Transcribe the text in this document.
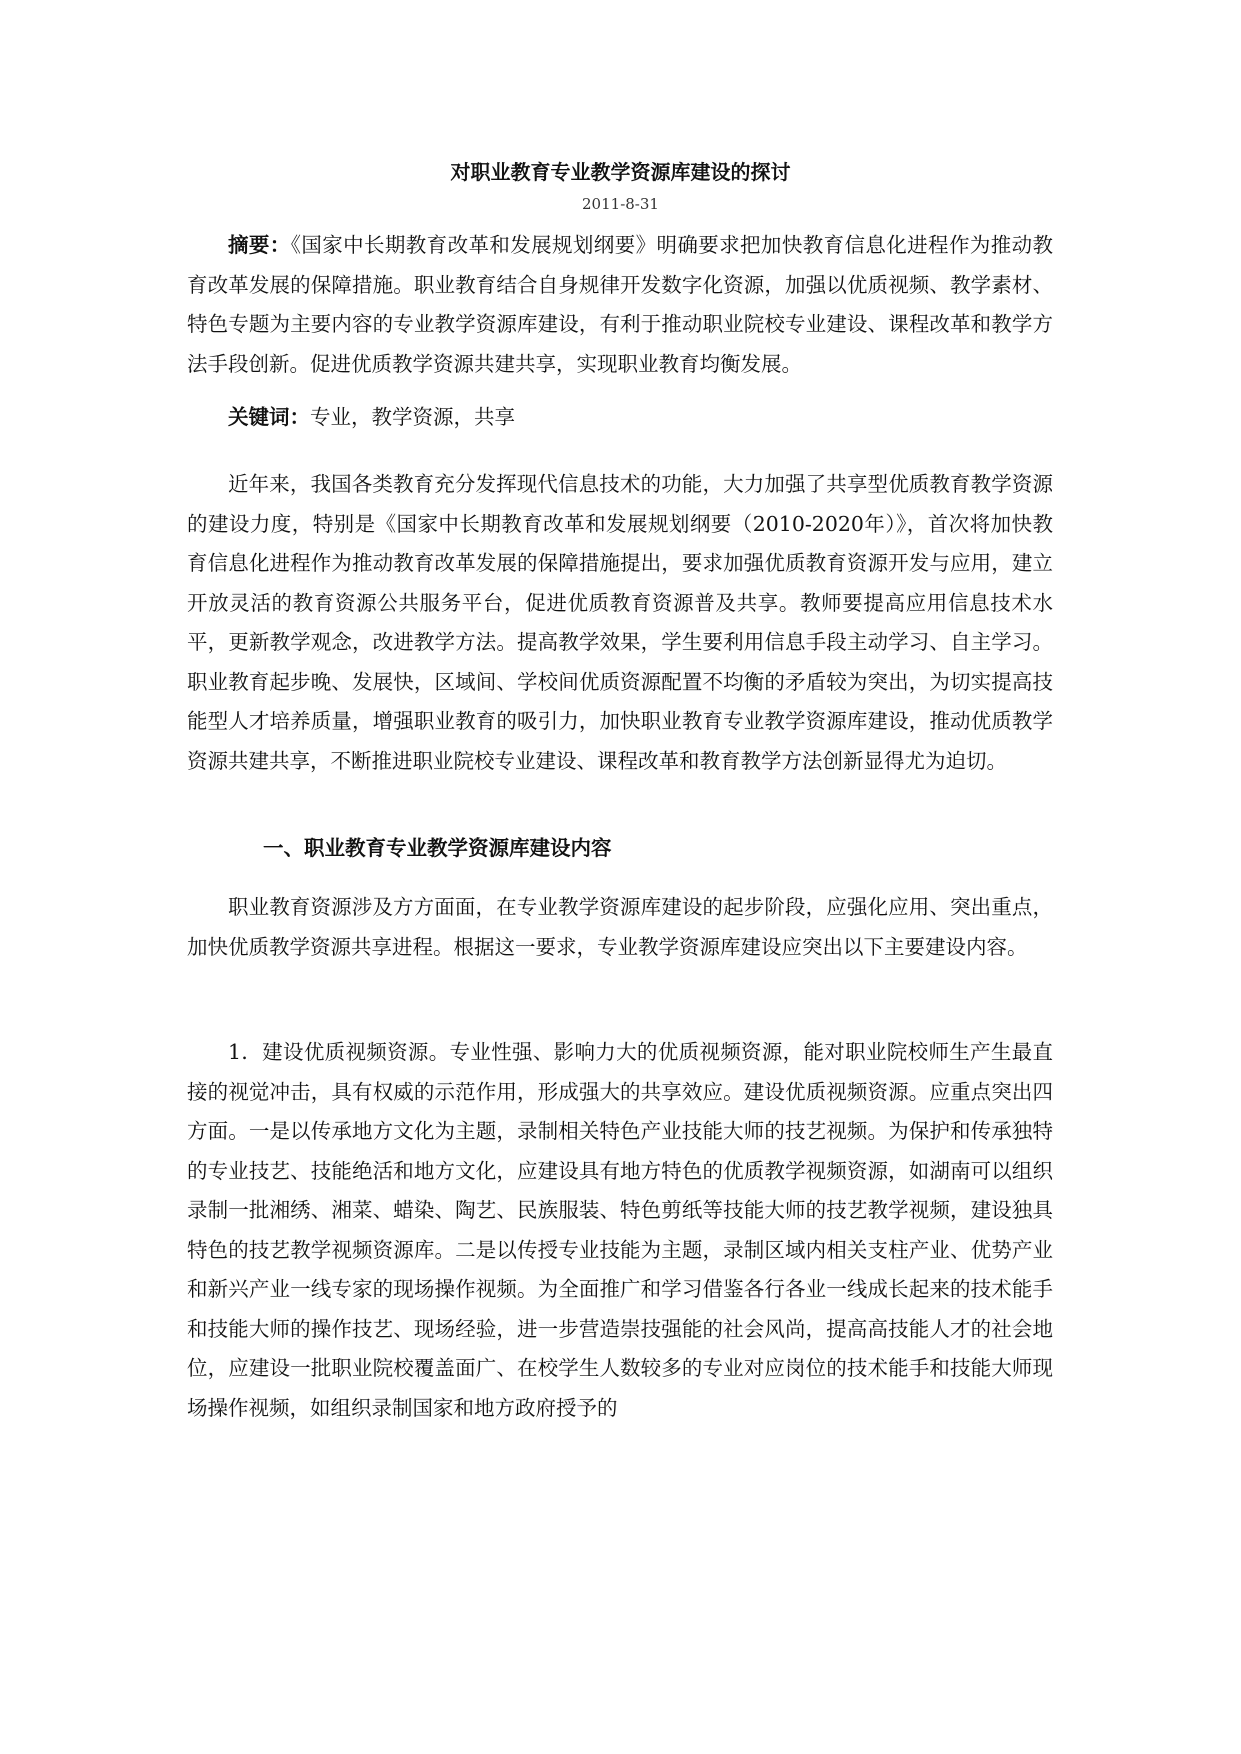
对职业教育专业教学资源库建设的探讨
2011-8-31

摘要：《国家中长期教育改革和发展规划纲要》明确要求把加快教育信息化进程作为推动教育改革发展的保障措施。职业教育结合自身规律开发数字化资源，加强以优质视频、教学素材、特色专题为主要内容的专业教学资源库建设，有利于推动职业院校专业建设、课程改革和教学方法手段创新。促进优质教学资源共建共享，实现职业教育均衡发展。

关键词：专业，教学资源，共享

近年来，我国各类教育充分发挥现代信息技术的功能，大力加强了共享型优质教育教学资源的建设力度，特别是《国家中长期教育改革和发展规划纲要（2010-2020年）》，首次将加快教育信息化进程作为推动教育改革发展的保障措施提出，要求加强优质教育资源开发与应用，建立开放灵活的教育资源公共服务平台，促进优质教育资源普及共享。教师要提高应用信息技术水平，更新教学观念，改进教学方法。提高教学效果，学生要利用信息手段主动学习、自主学习。职业教育起步晚、发展快，区域间、学校间优质资源配置不均衡的矛盾较为突出，为切实提高技能型人才培养质量，增强职业教育的吸引力，加快职业教育专业教学资源库建设，推动优质教学资源共建共享，不断推进职业院校专业建设、课程改革和教育教学方法创新显得尤为迫切。

一、职业教育专业教学资源库建设内容

职业教育资源涉及方方面面，在专业教学资源库建设的起步阶段，应强化应用、突出重点，加快优质教学资源共享进程。根据这一要求，专业教学资源库建设应突出以下主要建设内容。

1．建设优质视频资源。专业性强、影响力大的优质视频资源，能对职业院校师生产生最直接的视觉冲击，具有权威的示范作用，形成强大的共享效应。建设优质视频资源。应重点突出四方面。一是以传承地方文化为主题，录制相关特色产业技能大师的技艺视频。为保护和传承独特的专业技艺、技能绝活和地方文化，应建设具有地方特色的优质教学视频资源，如湖南可以组织录制一批湘绣、湘菜、蜡染、陶艺、民族服装、特色剪纸等技能大师的技艺教学视频，建设独具特色的技艺教学视频资源库。二是以传授专业技能为主题，录制区域内相关支柱产业、优势产业和新兴产业一线专家的现场操作视频。为全面推广和学习借鉴各行各业一线成长起来的技术能手和技能大师的操作技艺、现场经验，进一步营造崇技强能的社会风尚，提高高技能人才的社会地位，应建设一批职业院校覆盖面广、在校学生人数较多的专业对应岗位的技术能手和技能大师现场操作视频，如组织录制国家和地方政府授予的
